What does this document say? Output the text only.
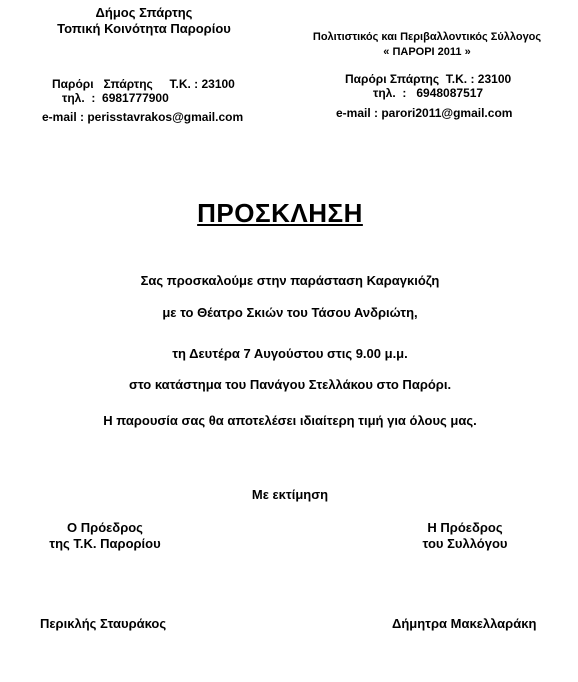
Δήμος Σπάρτης
Τοπική Κοινότητα Παρορίου
Παρόρι   Σπάρτης     Τ.Κ. : 23100
τηλ.  :  6981777900
e-mail : perisstavrakos@gmail.com
Πολιτιστικός και Περιβαλλοντικός Σύλλογος
« ΠΑΡΟΡΙ 2011 »
Παρόρι Σπάρτης  Τ.Κ. : 23100
τηλ.  :   6948087517
e-mail : parori2011@gmail.com
ΠΡΟΣΚΛΗΣΗ
Σας προσκαλούμε στην παράσταση Καραγκιόζη
με το Θέατρο Σκιών του Τάσου Ανδριώτη,
τη Δευτέρα 7 Αυγούστου στις 9.00 μ.μ.
στο κατάστημα του Πανάγου Στελλάκου στο Παρόρι.
Η παρουσία σας θα αποτελέσει ιδιαίτερη τιμή για όλους μας.
Με εκτίμηση
Ο Πρόεδρος
της Τ.Κ. Παρορίου
Περικλής Σταυράκος
Η Πρόεδρος
του Συλλόγου
Δήμητρα Μακελλαράκη
